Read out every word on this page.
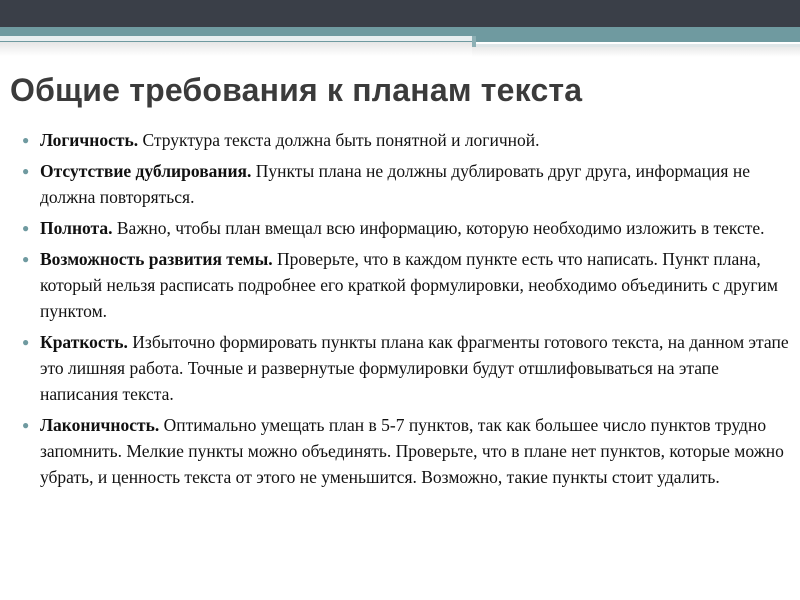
Общие требования к планам текста
● Логичность. Структура текста должна быть понятной и логичной.
● Отсутствие дублирования. Пункты плана не должны дублировать друг друга, информация не должна повторяться.
● Полнота. Важно, чтобы план вмещал всю информацию, которую необходимо изложить в тексте.
● Возможность развития темы. Проверьте, что в каждом пункте есть что написать. Пункт плана, который нельзя расписать подробнее его краткой формулировки, необходимо объединить с другим пунктом.
● Краткость. Избыточно формировать пункты плана как фрагменты готового текста, на данном этапе это лишняя работа. Точные и развернутые формулировки будут отшлифовываться на этапе написания текста.
● Лаконичность. Оптимально умещать план в 5-7 пунктов, так как большее число пунктов трудно запомнить. Мелкие пункты можно объединять. Проверьте, что в плане нет пунктов, которые можно убрать, и ценность текста от этого не уменьшится. Возможно, такие пункты стоит удалить.
